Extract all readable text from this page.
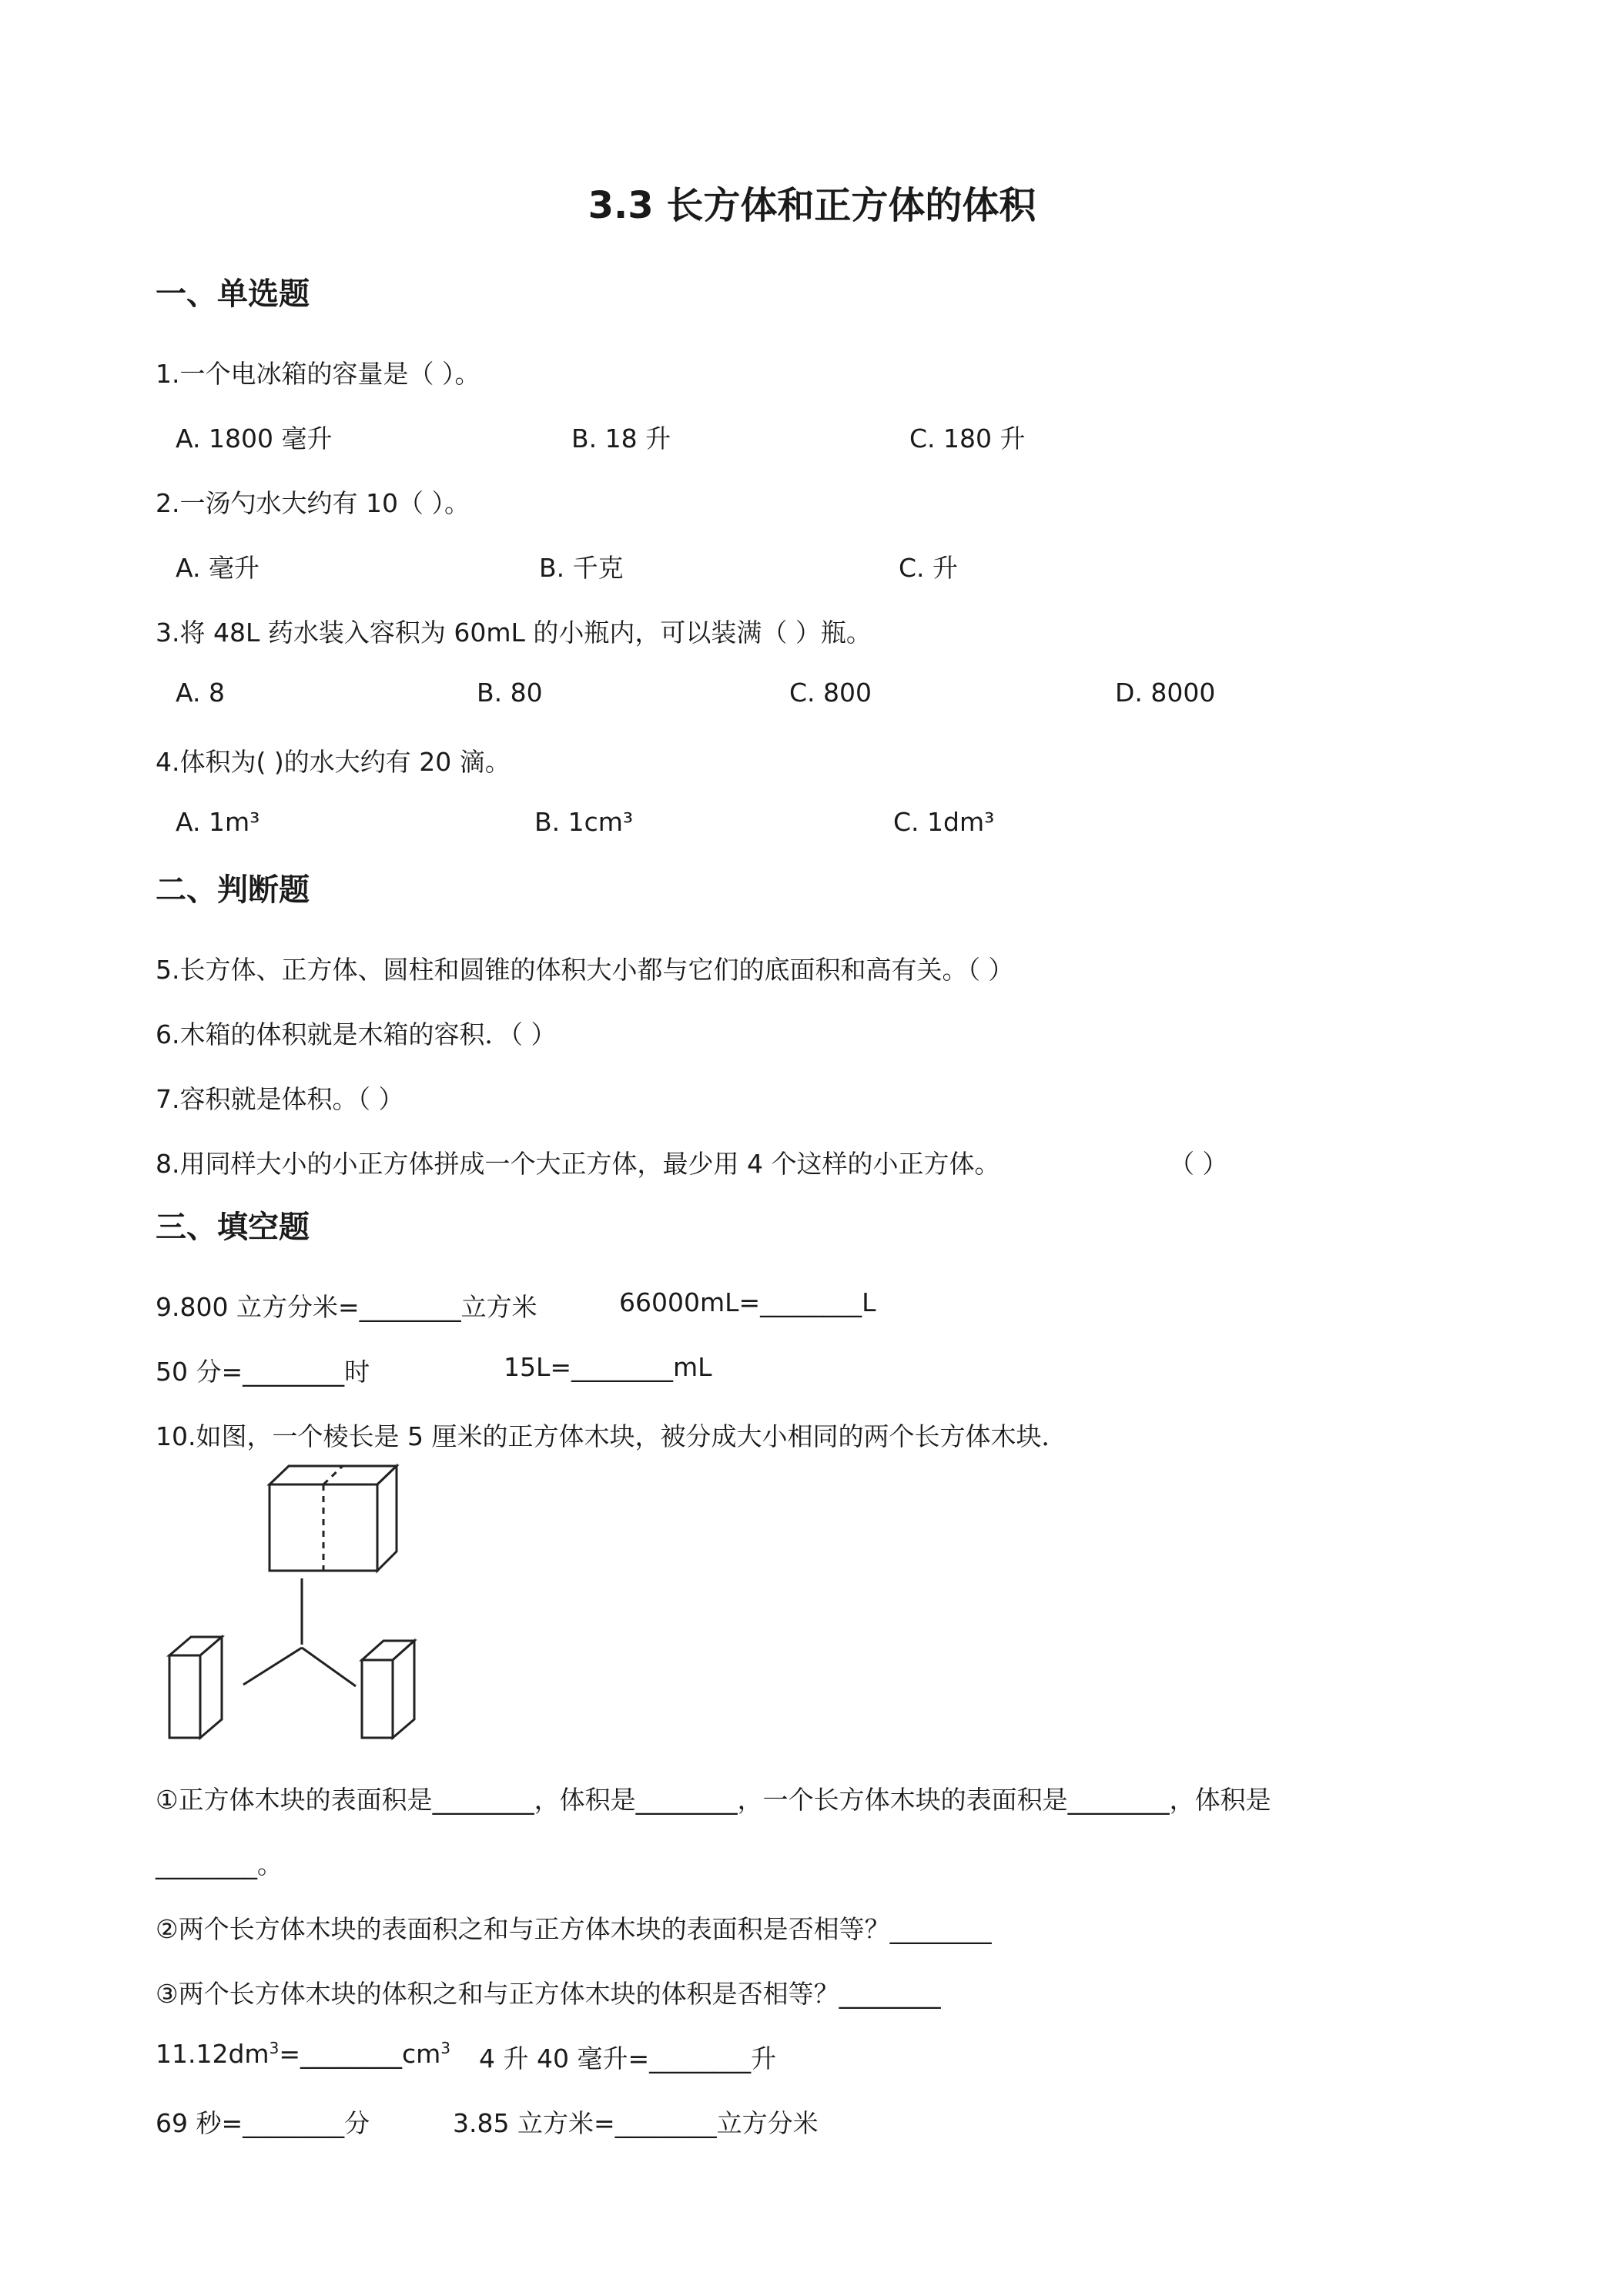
3.3 长方体和正方体的体积
一、单选题
1.一个电冰箱的容量是（ ）。
A. 1800 毫升	B. 18 升	C. 180 升
2.一汤勺水大约有 10（ ）。
A. 毫升	B. 千克	C. 升
3.将 48L 药水装入容积为 60mL 的小瓶内，可以装满（ ）瓶。
A. 8	B. 80	C. 800	D. 8000
4.体积为( )的水大约有 20 滴。
A. 1m³	B. 1cm³	C. 1dm³
二、判断题
5.长方体、正方体、圆柱和圆锥的体积大小都与它们的底面积和高有关。（ ）
6.木箱的体积就是木箱的容积．（ ）
7.容积就是体积。（ ）
8.用同样大小的小正方体拼成一个大正方体，最少用 4 个这样的小正方体。	（ ）
三、填空题
9.800 立方分米=________立方米	66000mL=________L
50 分=________时	15L=________mL
10.如图，一个棱长是 5 厘米的正方体木块，被分成大小相同的两个长方体木块．
①正方体木块的表面积是________，体积是________，一个长方体木块的表面积是________，体积是
________。
②两个长方体木块的表面积之和与正方体木块的表面积是否相等？________
③两个长方体木块的体积之和与正方体木块的体积是否相等？________
$11.12dm^3=\_\_\_\_\_\_\_\_cm^3$ 4 升 40 毫升=________升
69 秒=________分	3.85 立方米=________立方分米
